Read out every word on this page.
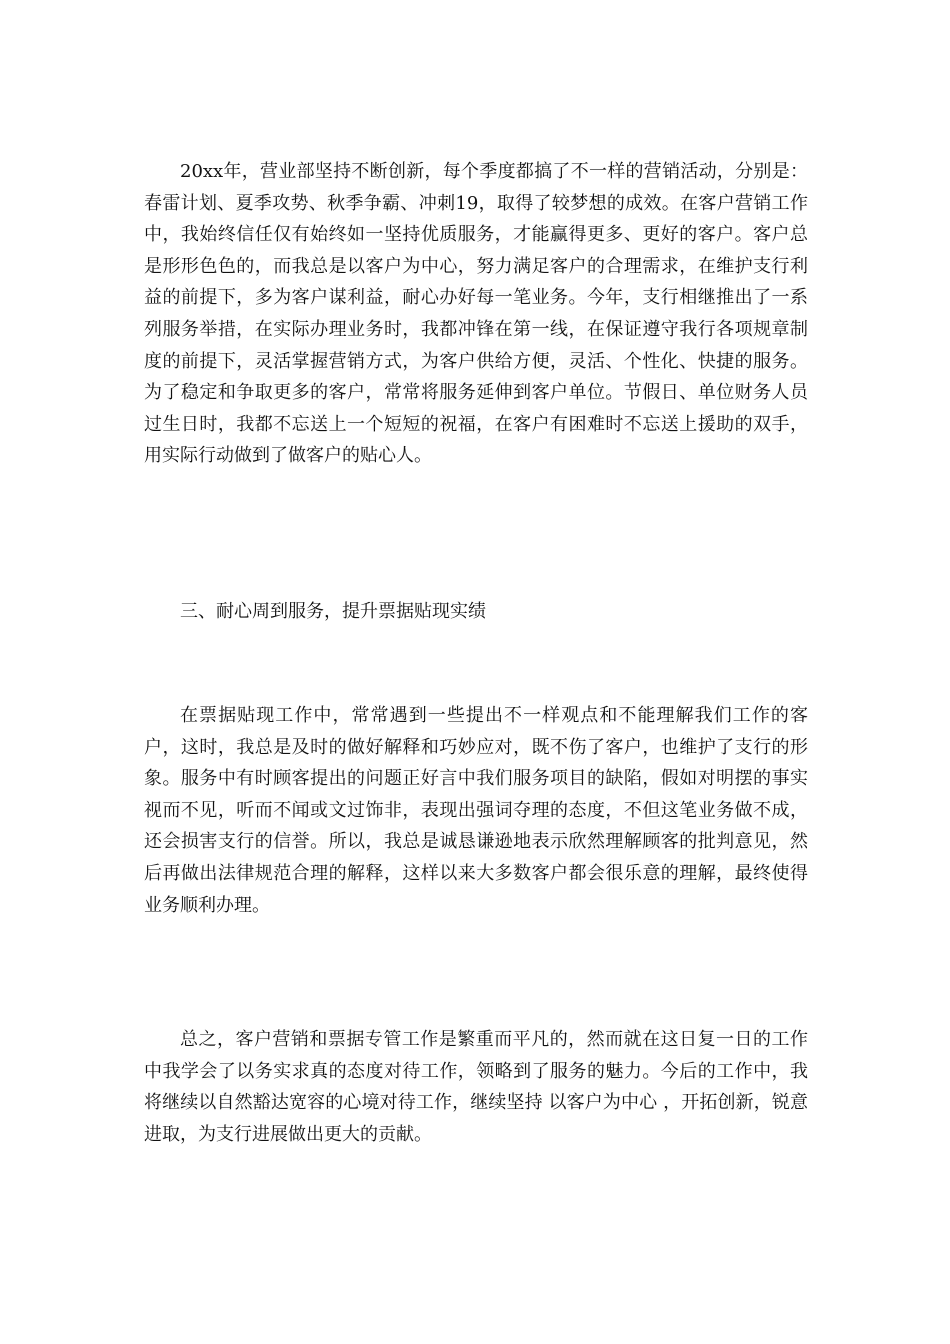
20xx年，营业部坚持不断创新，每个季度都搞了不一样的营销活动，分别是：春雷计划、夏季攻势、秋季争霸、冲刺19，取得了较梦想的成效。在客户营销工作中，我始终信任仅有始终如一坚持优质服务，才能赢得更多、更好的客户。客户总是形形色色的，而我总是以客户为中心，努力满足客户的合理需求，在维护支行利益的前提下，多为客户谋利益，耐心办好每一笔业务。今年，支行相继推出了一系列服务举措，在实际办理业务时，我都冲锋在第一线，在保证遵守我行各项规章制度的前提下，灵活掌握营销方式，为客户供给方便，灵活、个性化、快捷的服务。为了稳定和争取更多的客户，常常将服务延伸到客户单位。节假日、单位财务人员过生日时，我都不忘送上一个短短的祝福，在客户有困难时不忘送上援助的双手，用实际行动做到了做客户的贴心人。

三、耐心周到服务，提升票据贴现实绩

在票据贴现工作中，常常遇到一些提出不一样观点和不能理解我们工作的客户，这时，我总是及时的做好解释和巧妙应对，既不伤了客户，也维护了支行的形象。服务中有时顾客提出的问题正好言中我们服务项目的缺陷，假如对明摆的事实视而不见，听而不闻或文过饰非，表现出强词夺理的态度，不但这笔业务做不成，还会损害支行的信誉。所以，我总是诚恳谦逊地表示欣然理解顾客的批判意见，然后再做出法律规范合理的解释，这样以来大多数客户都会很乐意的理解，最终使得业务顺利办理。

总之，客户营销和票据专管工作是繁重而平凡的，然而就在这日复一日的工作中我学会了以务实求真的态度对待工作，领略到了服务的魅力。今后的工作中，我将继续以自然豁达宽容的心境对待工作，继续坚持 以客户为中心 ，开拓创新，锐意进取，为支行进展做出更大的贡献。
